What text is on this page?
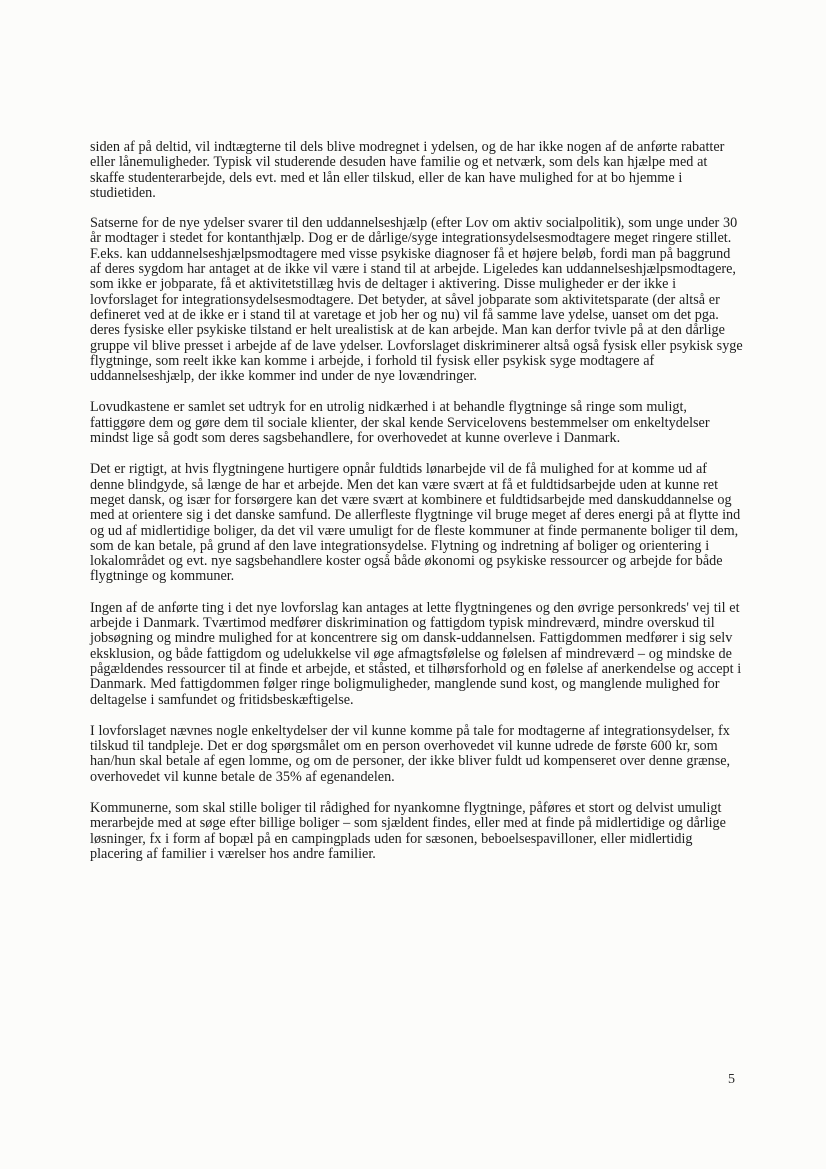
siden af på deltid, vil indtægterne til dels blive modregnet i ydelsen, og de har ikke nogen af de anførte rabatter eller lånemuligheder. Typisk vil studerende desuden have familie og et netværk, som dels kan hjælpe med at skaffe studenterarbejde, dels evt. med et lån eller tilskud, eller de kan have mulighed for at bo hjemme i studietiden.

Satserne for de nye ydelser svarer til den uddannelseshjælp (efter Lov om aktiv socialpolitik), som unge under 30 år modtager i stedet for kontanthjælp. Dog er de dårlige/syge integrationsydelsesmodtagere meget ringere stillet. F.eks. kan uddannelseshjælpsmodtagere med visse psykiske diagnoser få et højere beløb, fordi man på baggrund af deres sygdom har antaget at de ikke vil være i stand til at arbejde. Ligeledes kan uddannelseshjælpsmodtagere, som ikke er jobparate, få et aktivitetstillæg hvis de deltager i aktivering. Disse muligheder er der ikke i lovforslaget for integrationsydelsesmodtagere. Det betyder, at såvel jobparate som aktivitetsparate (der altså er defineret ved at de ikke er i stand til at varetage et job her og nu) vil få samme lave ydelse, uanset om det pga. deres fysiske eller psykiske tilstand er helt urealistisk at de kan arbejde. Man kan derfor tvivle på at den dårlige gruppe vil blive presset i arbejde af de lave ydelser. Lovforslaget diskriminerer altså også fysisk eller psykisk syge flygtninge, som reelt ikke kan komme i arbejde, i forhold til fysisk eller psykisk syge modtagere af uddannelseshjælp, der ikke kommer ind under de nye lovændringer.

Lovudkastene er samlet set udtryk for en utrolig nidkærhed i at behandle flygtninge så ringe som muligt, fattiggøre dem og gøre dem til sociale klienter, der skal kende Servicelovens bestemmelser om enkeltydelser mindst lige så godt som deres sagsbehandlere, for overhovedet at kunne overleve i Danmark.

Det er rigtigt, at hvis flygtningene hurtigere opnår fuldtids lønarbejde vil de få mulighed for at komme ud af denne blindgyde, så længe de har et arbejde. Men det kan være svært at få et fuldtidsarbejde uden at kunne ret meget dansk, og især for forsørgere kan det være svært at kombinere et fuldtidsarbejde med danskuddannelse og med at orientere sig i det danske samfund. De allerfleste flygtninge vil bruge meget af deres energi på at flytte ind og ud af midlertidige boliger, da det vil være umuligt for de fleste kommuner at finde permanente boliger til dem, som de kan betale, på grund af den lave integrationsydelse. Flytning og indretning af boliger og orientering i lokalområdet og evt. nye sagsbehandlere koster også både økonomi og psykiske ressourcer og arbejde for både flygtninge og kommuner.

Ingen af de anførte ting i det nye lovforslag kan antages at lette flygtningenes og den øvrige personkreds' vej til et arbejde i Danmark. Tværtimod medfører diskrimination og fattigdom typisk mindreværd, mindre overskud til jobsøgning og mindre mulighed for at koncentrere sig om dansk-uddannelsen. Fattigdommen medfører i sig selv eksklusion, og både fattigdom og udelukkelse vil øge afmagtsfølelse og følelsen af mindreværd – og mindske de pågældendes ressourcer til at finde et arbejde, et ståsted, et tilhørsforhold og en følelse af anerkendelse og accept i Danmark. Med fattigdommen følger ringe boligmuligheder, manglende sund kost, og manglende mulighed for deltagelse i samfundet og fritidsbeskæftigelse.

I lovforslaget nævnes nogle enkeltydelser der vil kunne komme på tale for modtagerne af integrationsydelser, fx tilskud til tandpleje. Det er dog spørgsmålet om en person overhovedet vil kunne udrede de første 600 kr, som han/hun skal betale af egen lomme, og om de personer, der ikke bliver fuldt ud kompenseret over denne grænse, overhovedet vil kunne betale de 35% af egenandelen.

Kommunerne, som skal stille boliger til rådighed for nyankomne flygtninge, påføres et stort og delvist umuligt merarbejde med at søge efter billige boliger – som sjældent findes, eller med at finde på midlertidige og dårlige løsninger, fx i form af bopæl på en campingplads uden for sæsonen, beboelsespavilloner, eller midlertidig placering af familier i værelser hos andre familier.

5
